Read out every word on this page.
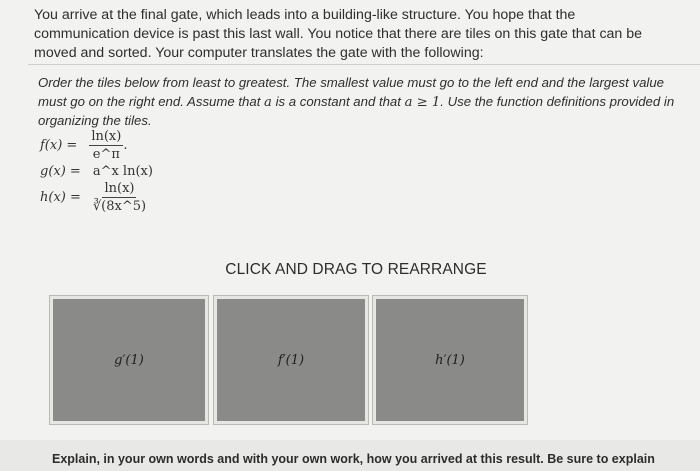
You arrive at the final gate, which leads into a building-like structure. You hope that the communication device is past this last wall. You notice that there are tiles on this gate that can be moved and sorted. Your computer translates the gate with the following:

Order the tiles below from least to greatest. The smallest value must go to the left end and the largest value must go on the right end. Assume that a is a constant and that a ≥ 1. Use the function definitions provided in organizing the tiles.

$f(x) = \frac{\ln(x)}{e\^{}\pi}$ .
g(x) = a^x ln(x)
$h(x) = \frac{\ln(x)}{∛(8x\^{}5)}$
CLICK AND DRAG TO REARRANGE
g′(1)	f′(1)	h′(1)
Explain, in your own words and with your own work, how you arrived at this result. Be sure to explain
